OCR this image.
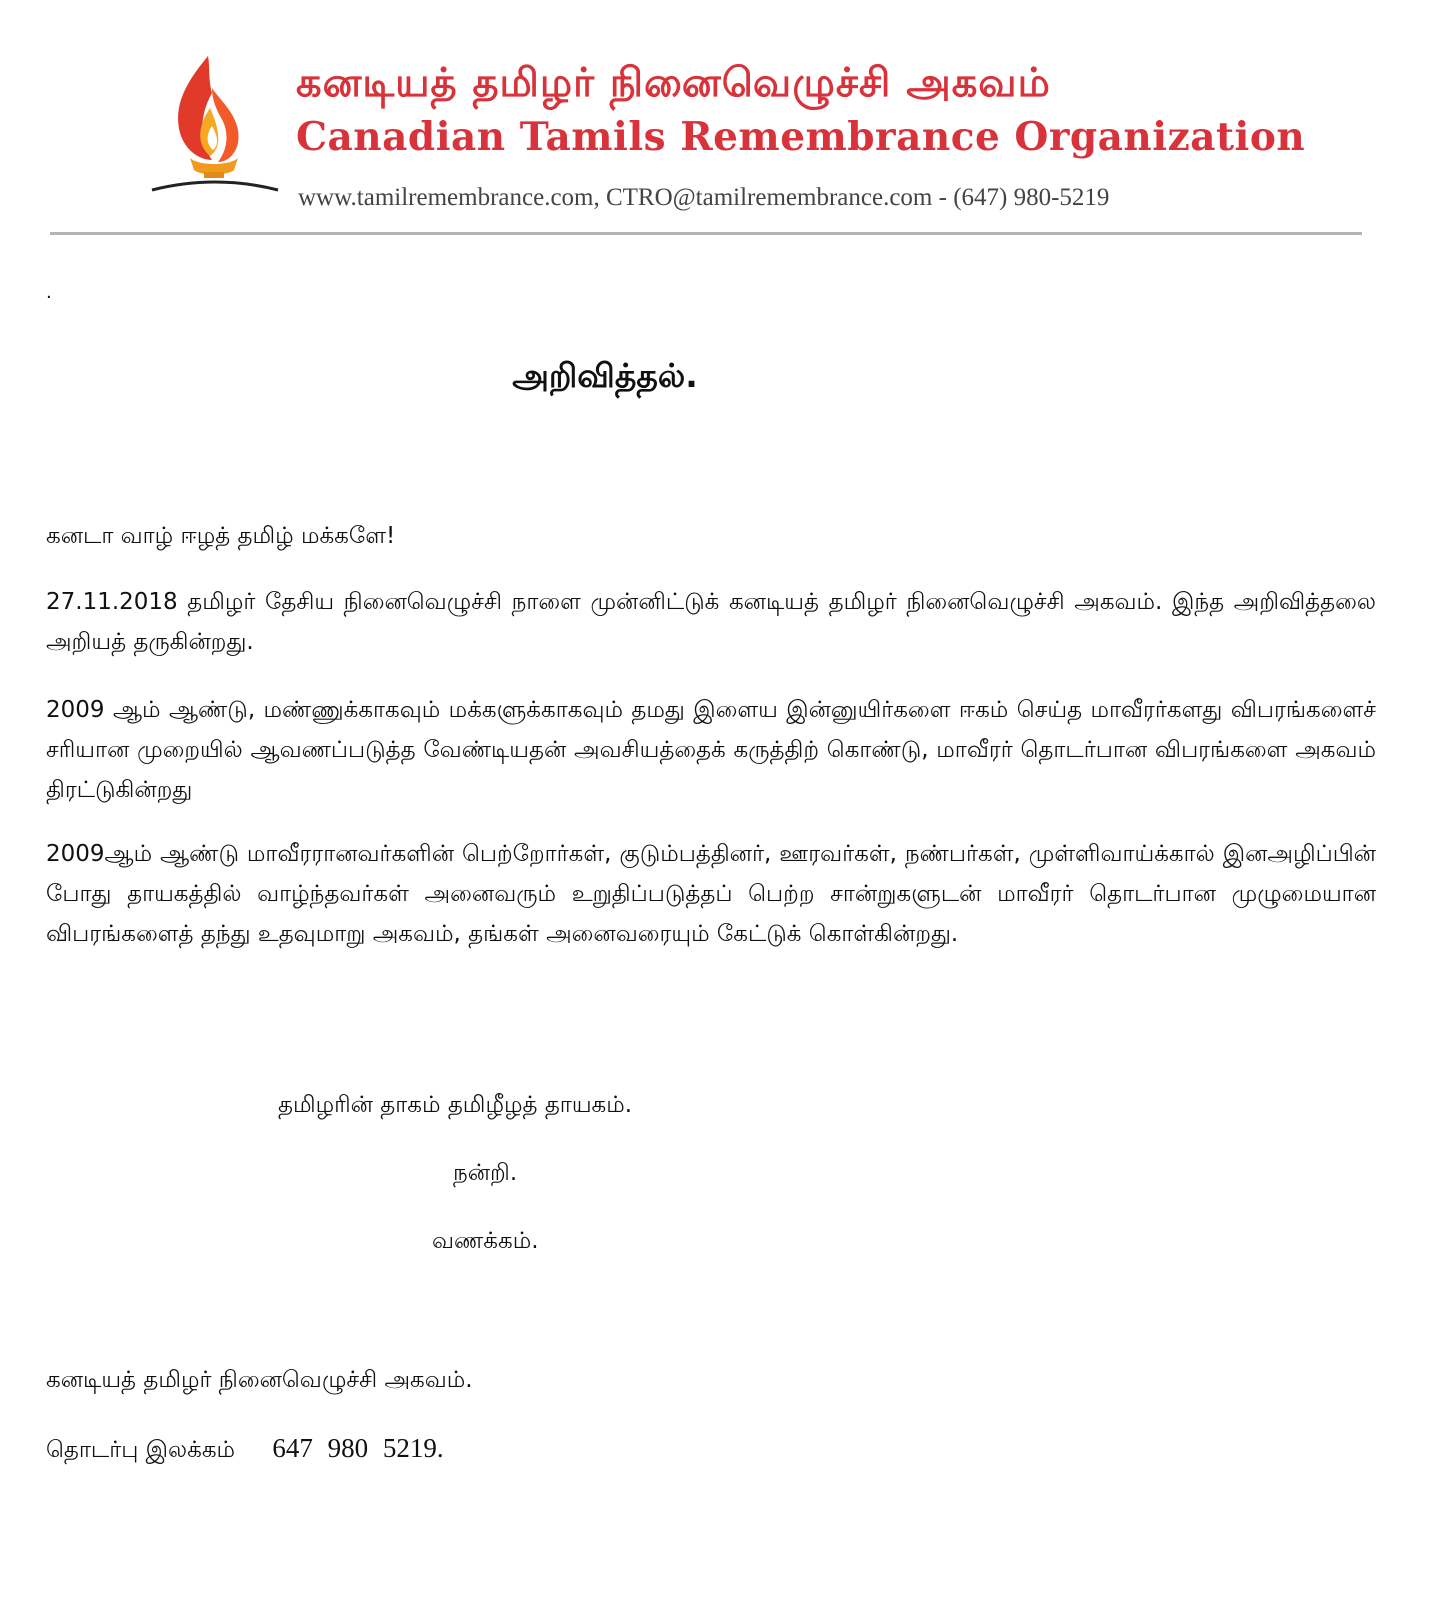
கனடியத் தமிழர் நினைவெழுச்சி அகவம்
Canadian Tamils Remembrance Organization
www.tamilremembrance.com, CTRO@tamilremembrance.com - (647) 980-5219
.
அறிவித்தல்.

கனடா வாழ் ஈழத் தமிழ் மக்களே!

27.11.2018 தமிழர் தேசிய நினைவெழுச்சி நாளை முன்னிட்டுக் கனடியத் தமிழர் நினைவெழுச்சி அகவம். இந்த அறிவித்தலை அறியத் தருகின்றது.

2009 ஆம் ஆண்டு, மண்ணுக்காகவும் மக்களுக்காகவும் தமது இளைய இன்னுயிர்களை ஈகம் செய்த மாவீரர்களது விபரங்களைச் சரியான முறையில் ஆவணப்படுத்த வேண்டியதன் அவசியத்தைக் கருத்திற் கொண்டு, மாவீரர் தொடர்பான விபரங்களை அகவம் திரட்டுகின்றது

2009ஆம் ஆண்டு மாவீரரானவர்களின் பெற்றோர்கள், குடும்பத்தினர், ஊரவர்கள், நண்பர்கள், முள்ளிவாய்க்கால் இனஅழிப்பின் போது தாயகத்தில் வாழ்ந்தவர்கள் அனைவரும் உறுதிப்படுத்தப் பெற்ற சான்றுகளுடன் மாவீரர் தொடர்பான முழுமையான விபரங்களைத் தந்து உதவுமாறு அகவம், தங்கள் அனைவரையும் கேட்டுக் கொள்கின்றது.

தமிழரின் தாகம் தமிழீழத் தாயகம்.
நன்றி.
வணக்கம்.
கனடியத் தமிழர் நினைவெழுச்சி அகவம்.
தொடர்பு இலக்கம் 647 980 5219.
